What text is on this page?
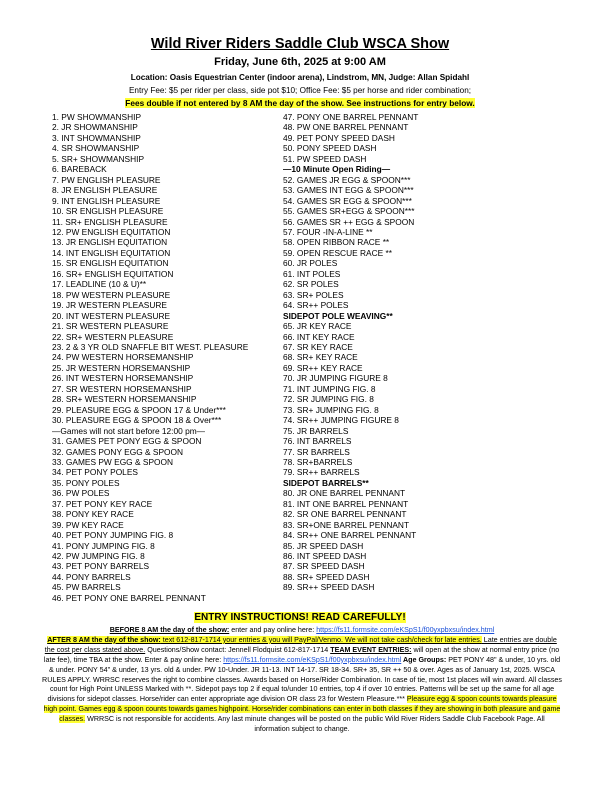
Wild River Riders Saddle Club WSCA Show
Friday, June 6th, 2025 at 9:00 AM
Location: Oasis Equestrian Center (indoor arena), Lindstrom, MN, Judge: Allan Spidahl
Entry Fee: $5 per rider per class, side pot $10; Office Fee: $5 per horse and rider combination;
Fees double if not entered by 8 AM the day of the show. See instructions for entry below.
1. PW SHOWMANSHIP
2. JR SHOWMANSHIP
3. INT SHOWMANSHIP
4. SR SHOWMANSHIP
5. SR+ SHOWMANSHIP
6. BAREBACK
7. PW ENGLISH PLEASURE
8. JR ENGLISH PLEASURE
9. INT ENGLISH PLEASURE
10. SR ENGLISH PLEASURE
11. SR+ ENGLISH PLEASURE
12. PW ENGLISH EQUITATION
13. JR ENGLISH EQUITATION
14. INT ENGLISH EQUITATION
15. SR ENGLISH EQUITATION
16. SR+ ENGLISH EQUITATION
17. LEADLINE (10 & U)**
18. PW WESTERN PLEASURE
19. JR WESTERN PLEASURE
20. INT WESTERN PLEASURE
21. SR WESTERN PLEASURE
22. SR+ WESTERN PLEASURE
23. 2 & 3 YR OLD SNAFFLE BIT WEST. PLEASURE
24. PW WESTERN HORSEMANSHIP
25. JR WESTERN HORSEMANSHIP
26. INT WESTERN HORSEMANSHIP
27. SR WESTERN HORSEMANSHIP
28. SR+ WESTERN HORSEMANSHIP
29. PLEASURE EGG & SPOON 17 & Under***
30. PLEASURE EGG & SPOON 18 & Over***
—Games will not start before 12:00 pm—
31. GAMES PET PONY EGG & SPOON
32. GAMES PONY EGG & SPOON
33. GAMES PW EGG & SPOON
34. PET PONY POLES
35. PONY POLES
36. PW POLES
37. PET PONY KEY RACE
38. PONY KEY RACE
39. PW KEY RACE
40. PET PONY JUMPING FIG. 8
41. PONY JUMPING FIG. 8
42. PW JUMPING FIG. 8
43. PET PONY BARRELS
44. PONY BARRELS
45. PW BARRELS
46. PET PONY ONE BARREL PENNANT
47. PONY ONE BARREL PENNANT
48. PW ONE BARREL PENNANT
49. PET PONY SPEED DASH
50. PONY SPEED DASH
51. PW SPEED DASH
—10 Minute Open Riding—
52. GAMES JR EGG & SPOON***
53. GAMES INT EGG & SPOON***
54. GAMES SR EGG & SPOON***
55. GAMES SR+EGG & SPOON***
56. GAMES SR ++ EGG & SPOON
57. FOUR -IN-A-LINE **
58. OPEN RIBBON RACE **
59. OPEN RESCUE RACE **
60. JR POLES
61. INT POLES
62. SR POLES
63. SR+ POLES
64. SR++ POLES
SIDEPOT POLE WEAVING**
65. JR KEY RACE
66. INT KEY RACE
67. SR KEY RACE
68. SR+ KEY RACE
69. SR++ KEY RACE
70. JR JUMPING FIGURE 8
71. INT JUMPING FIG. 8
72. SR JUMPING FIG. 8
73. SR+ JUMPING FIG. 8
74. SR++ JUMPING FIGURE 8
75. JR BARRELS
76. INT BARRELS
77. SR BARRELS
78. SR+BARRELS
79. SR++ BARRELS
SIDEPOT BARRELS**
80. JR ONE BARREL PENNANT
81. INT ONE BARREL PENNANT
82. SR ONE BARREL PENNANT
83. SR+ONE BARREL PENNANT
84. SR++ ONE BARREL PENNANT
85. JR SPEED DASH
86. INT SPEED DASH
87. SR SPEED DASH
88. SR+ SPEED DASH
89. SR++ SPEED DASH
ENTRY INSTRUCTIONS! READ CAREFULLY!
BEFORE 8 AM the day of the show: enter and pay online here: https://fs11.formsite.com/eKSpS1/f00yxpbxsu/index.html
AFTER 8 AM the day of the show: text 612-817-1714 your entries & you will PayPal/Venmo. We will not take cash/check for late entries. Late entries are double the cost per class stated above. Questions/Show contact: Jennell Flodquist 612-817-1714 TEAM EVENT ENTRIES: will open at the show at normal entry price (no late fee), time TBA at the show. Enter & pay online here: https://fs11.formsite.com/eKSpS1/f00yxpbxsu/index.html Age Groups: PET PONY 48" & under, 10 yrs. old & under. PONY 54" & under, 13 yrs. old & under. PW 10-Under. JR 11-13. INT 14-17. SR 18-34. SR+ 35, SR ++ 50 & over. Ages as of January 1st, 2025. WSCA RULES APPLY. WRRSC reserves the right to combine classes. Awards based on Horse/Rider Combination. In case of tie, most 1st places will win award. All classes count for High Point UNLESS Marked with **. Sidepot pays top 2 if equal to/under 10 entries, top 4 if over 10 entries. Patterns will be set up the same for all age divisions for sidepot classes. Horse/rider can enter appropriate age division OR class 23 for Western Pleasure.*** Pleasure egg & spoon counts towards pleasure high point. Games egg & spoon counts towards games highpoint. Horse/rider combinations can enter in both classes if they are showing in both pleasure and game classes. WRRSC is not responsible for accidents. Any last minute changes will be posted on the public Wild River Riders Saddle Club Facebook Page. All information subject to change.
